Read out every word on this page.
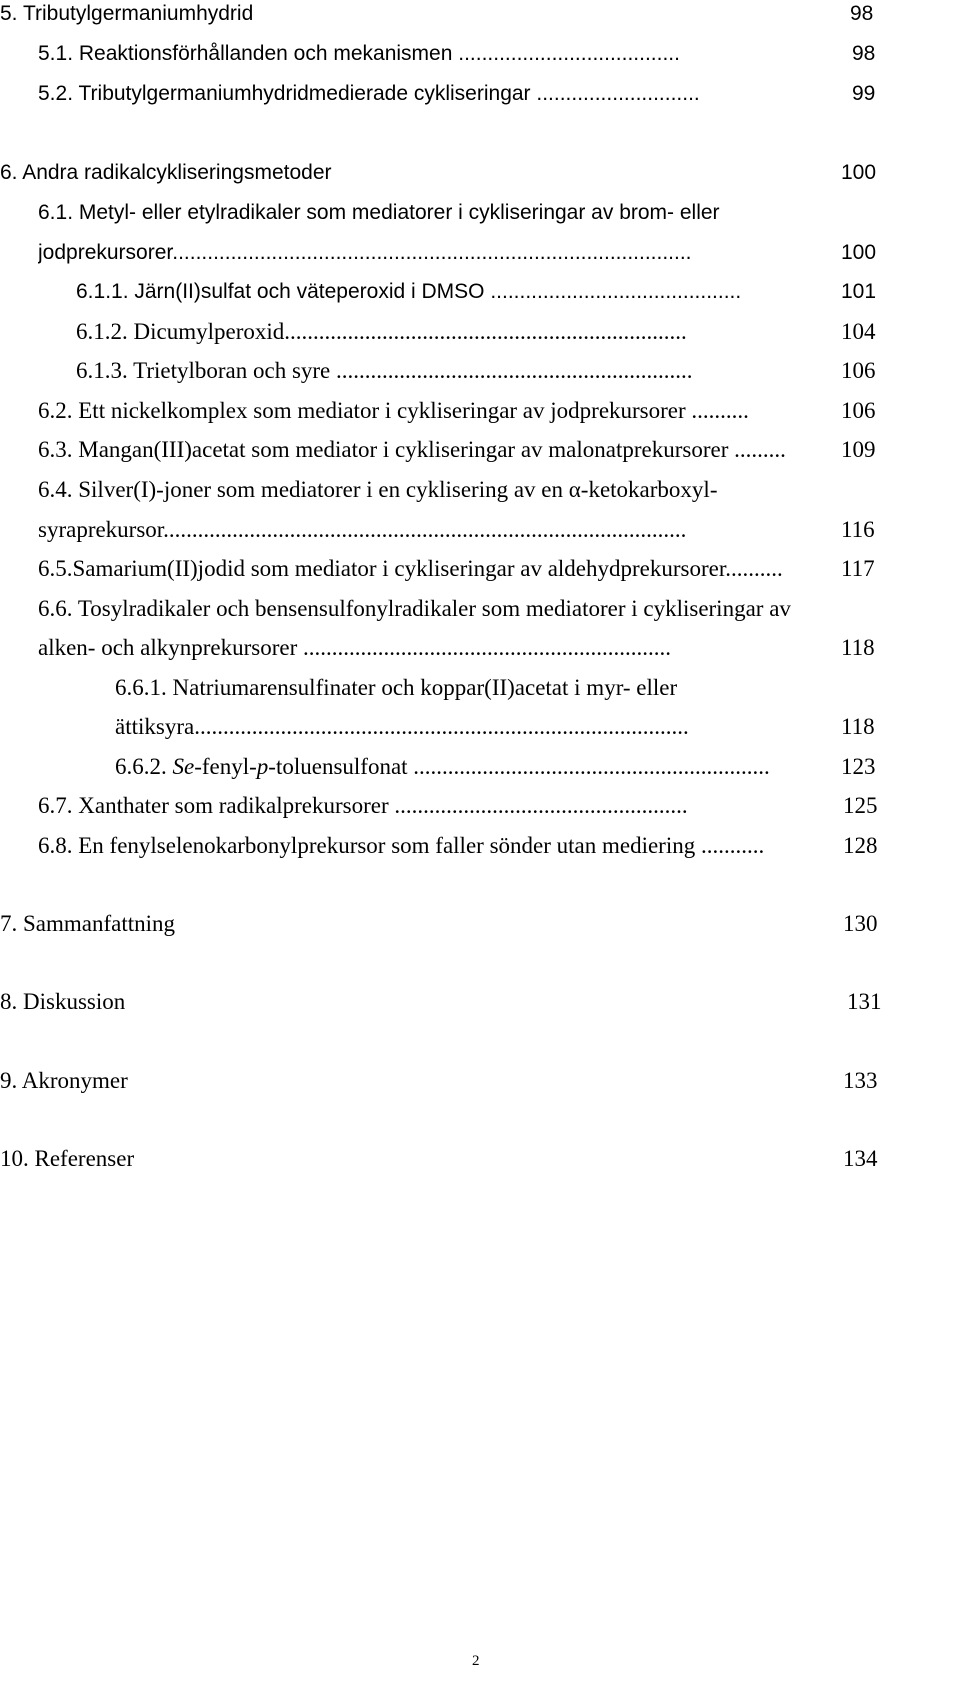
5. Tributylgermaniumhydrid	98
5.1. Reaktionsförhållanden och mekanismen ......................................	98
5.2. Tributylgermaniumhydridmedierade cykliseringar ............................	99
6. Andra radikalcykliseringsmetoder	100
6.1. Metyl- eller etylradikaler som mediatorer i cykliseringar av brom- eller
jodprekursorer.........................................................................................	100
6.1.1. Järn(II)sulfat och väteperoxid i DMSO ...........................................	101
6.1.2. Dicumylperoxid......................................................................	104
6.1.3. Trietylboran och syre ..............................................................	106
6.2. Ett nickelkomplex som mediator i cykliseringar av jodprekursorer ..........	106
6.3. Mangan(III)acetat som mediator i cykliseringar av malonatprekursorer .........	109
6.4. Silver(I)-joner som mediatorer i en cyklisering av en α-ketokarboxyl-
syraprekursor...........................................................................................	116
6.5.Samarium(II)jodid som mediator i cykliseringar av aldehydprekursorer..........	117
6.6. Tosylradikaler och bensensulfonylradikaler som mediatorer i cykliseringar av
alken- och alkynprekursorer ................................................................	118
6.6.1. Natriumarensulfinater och koppar(II)acetat i myr- eller
ättiksyra......................................................................................	118
6.6.2. Se-fenyl-p-toluensulfonat ..............................................................	123
6.7. Xanthater som radikalprekursorer ...................................................	125
6.8. En fenylselenokarbonylprekursor som faller sönder utan mediering ...........	128
7. Sammanfattning	130
8. Diskussion	131
9. Akronymer	133
10. Referenser	134
2
